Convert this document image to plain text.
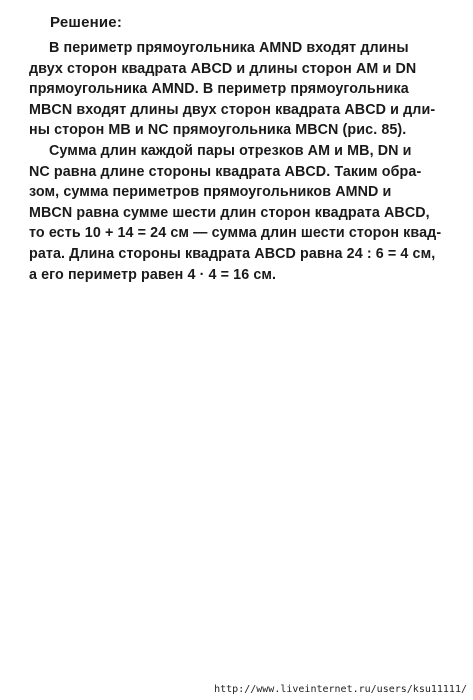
Решение:
В периметр прямоугольника AMND входят длины
двух сторон квадрата ABCD и длины сторон AM и DN
прямоугольника AMND. В периметр прямоугольника
MBCN входят длины двух сторон квадрата ABCD и дли-
ны сторон MB и NC прямоугольника MBCN (рис. 85).
Сумма длин каждой пары отрезков AM и MB, DN и
NC равна длине стороны квадрата ABCD. Таким обра-
зом, сумма периметров прямоугольников AMND и
MBCN равна сумме шести длин сторон квадрата ABCD,
то есть 10 + 14 = 24 см — сумма длин шести сторон квад-
рата. Длина стороны квадрата ABCD равна 24 : 6 = 4 см,
а его периметр равен 4 · 4 = 16 см.
http://www.liveinternet.ru/users/ksu11111/
